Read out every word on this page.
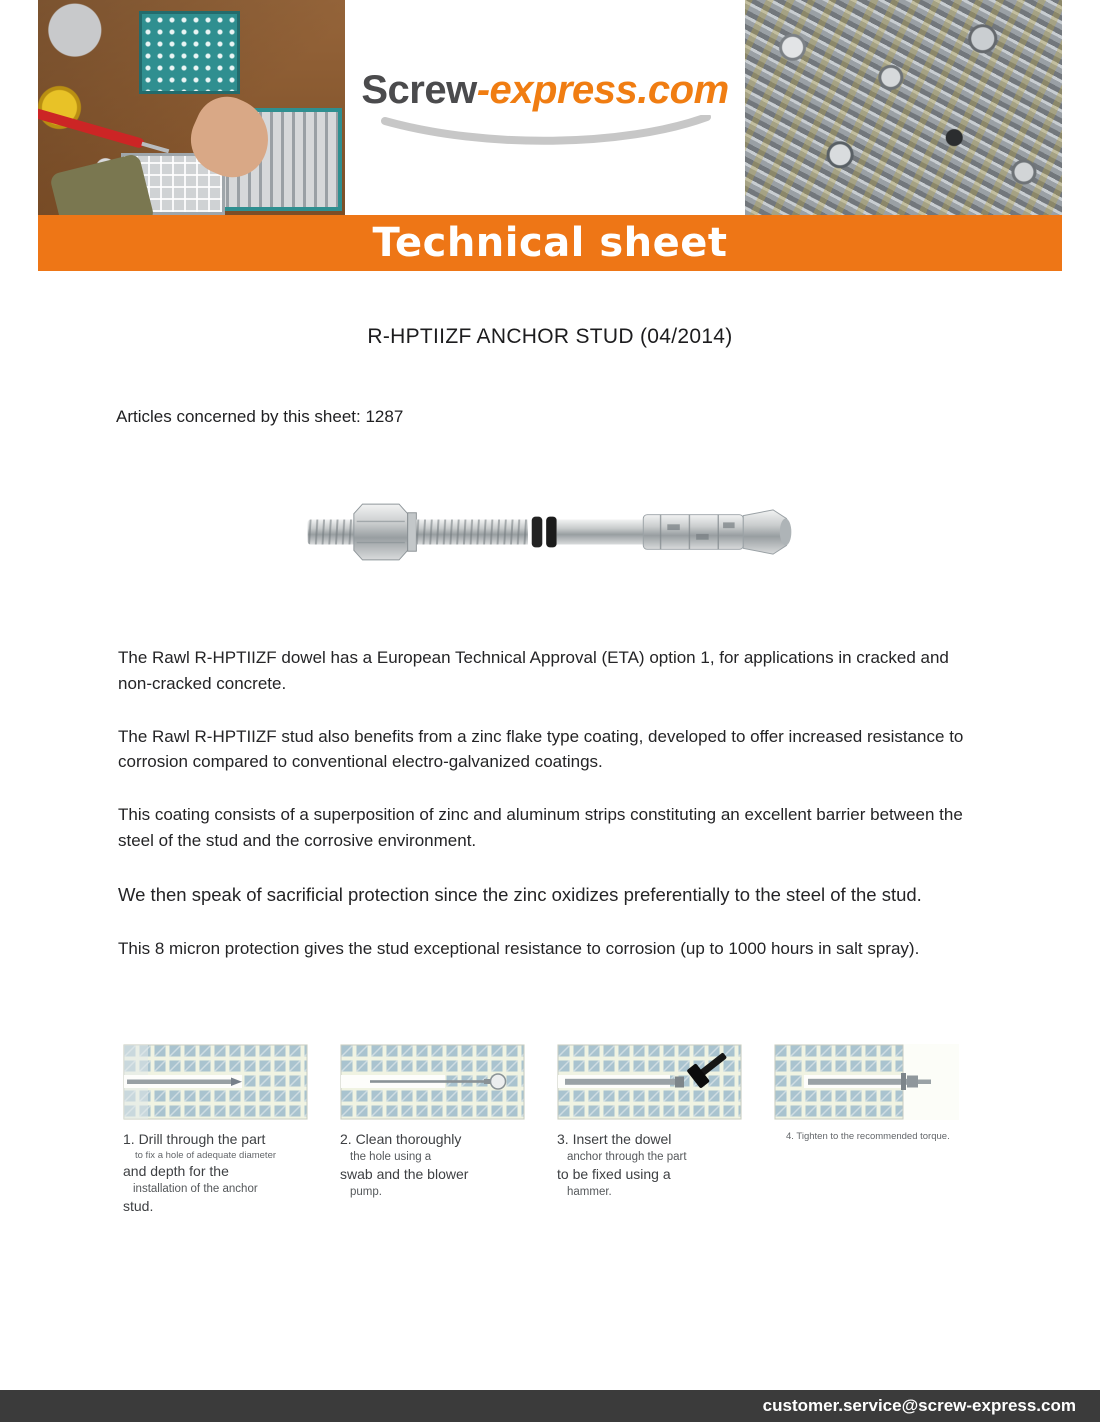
Screw-express.com
Technical sheet
R-HPTIIZF ANCHOR STUD (04/2014)

Articles concerned by this sheet: 1287

The Rawl R-HPTIIZF dowel has a European Technical Approval (ETA) option 1, for applications in cracked and non-cracked concrete.

The Rawl R-HPTIIZF stud also benefits from a zinc flake type coating, developed to offer increased resistance to corrosion compared to conventional electro-galvanized coatings.

This coating consists of a superposition of zinc and aluminum strips constituting an excellent barrier between the steel of the stud and the corrosive environment.

We then speak of sacrificial protection since the zinc oxidizes preferentially to the steel of the stud.

This 8 micron protection gives the stud exceptional resistance to corrosion (up to 1000 hours in salt spray).

1. Drill through the part
to fix a hole of adequate diameter
and depth for the
installation of the anchor
stud.
2. Clean thoroughly
the hole using a
swab and the blower
pump.
3. Insert the dowel
anchor through the part
to be fixed using a
hammer.
4. Tighten to the recommended torque.
customer.service@screw-express.com
